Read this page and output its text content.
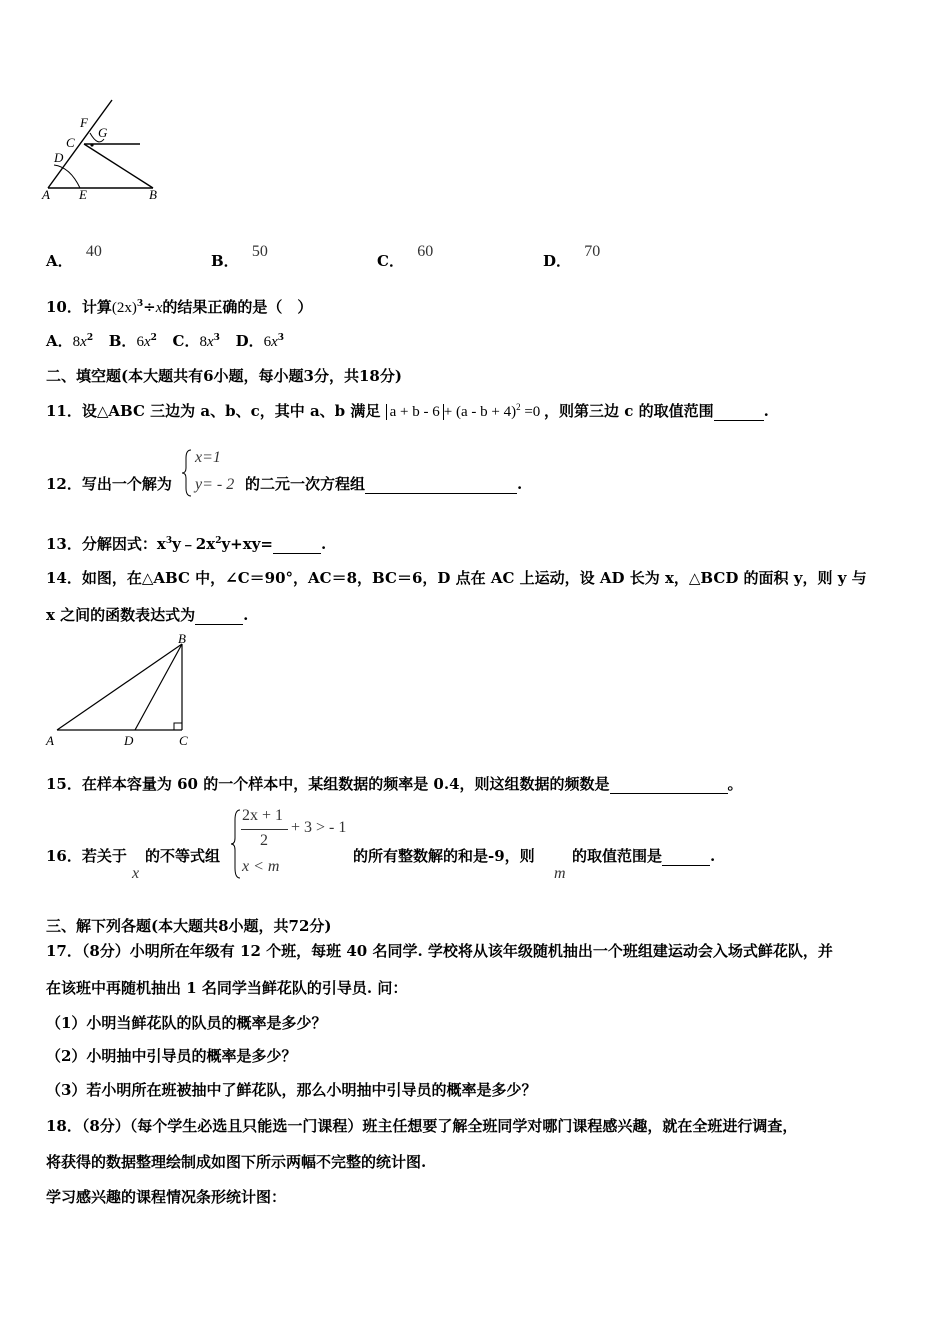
A E	B
D
C
F
G
A． 40
B． 50
C． 60
D． 70
10．计算$(2x)^3\div x$的结果正确的是（　）
A．$8x^2$ B．$6x^2$ C．$8x^3$ D．$6x^3$
二、填空题(本大题共有6小题，每小题3分，共18分)
11．设△ABC 三边为 a、b、c，其中 a、b 满足 $a + b - 6 + (a - b + 4)^2 =0$ ，则第三边 c 的取值范围	.
12．写出一个解为
x=1
y= - 2 的二元一次方程组	.
13．分解因式：$x^3y﹣2x^2y+xy=$	.
14．如图，在△ABC 中，∠C＝90°，AC＝8，BC＝6，D 点在 AC 上运动，设 AD 长为 x，△BCD 的面积 y，则 y 与
x 之间的函数表达式为	.
A	D	C
B
15．在样本容量为 60 的一个样本中，某组数据的频率是 0.4，则这组数据的频数是	。
16．若关于
x
的不等式组
2x + 1
2
+ 3 > - 1
x < m
的所有整数解的和是-9，则
m
的取值范围是	.
三、解下列各题(本大题共8小题，共72分)
17．（8分）小明所在年级有 12 个班，每班 40 名同学. 学校将从该年级随机抽出一个班组建运动会入场式鲜花队，并
在该班中再随机抽出 1 名同学当鲜花队的引导员. 问：
（1）小明当鲜花队的队员的概率是多少？
（2）小明抽中引导员的概率是多少？
（3）若小明所在班被抽中了鲜花队，那么小明抽中引导员的概率是多少？
18．（8分）（每个学生必选且只能选一门课程）班主任想要了解全班同学对哪门课程感兴趣，就在全班进行调查，
将获得的数据整理绘制成如图下所示两幅不完整的统计图.
学习感兴趣的课程情况条形统计图：
